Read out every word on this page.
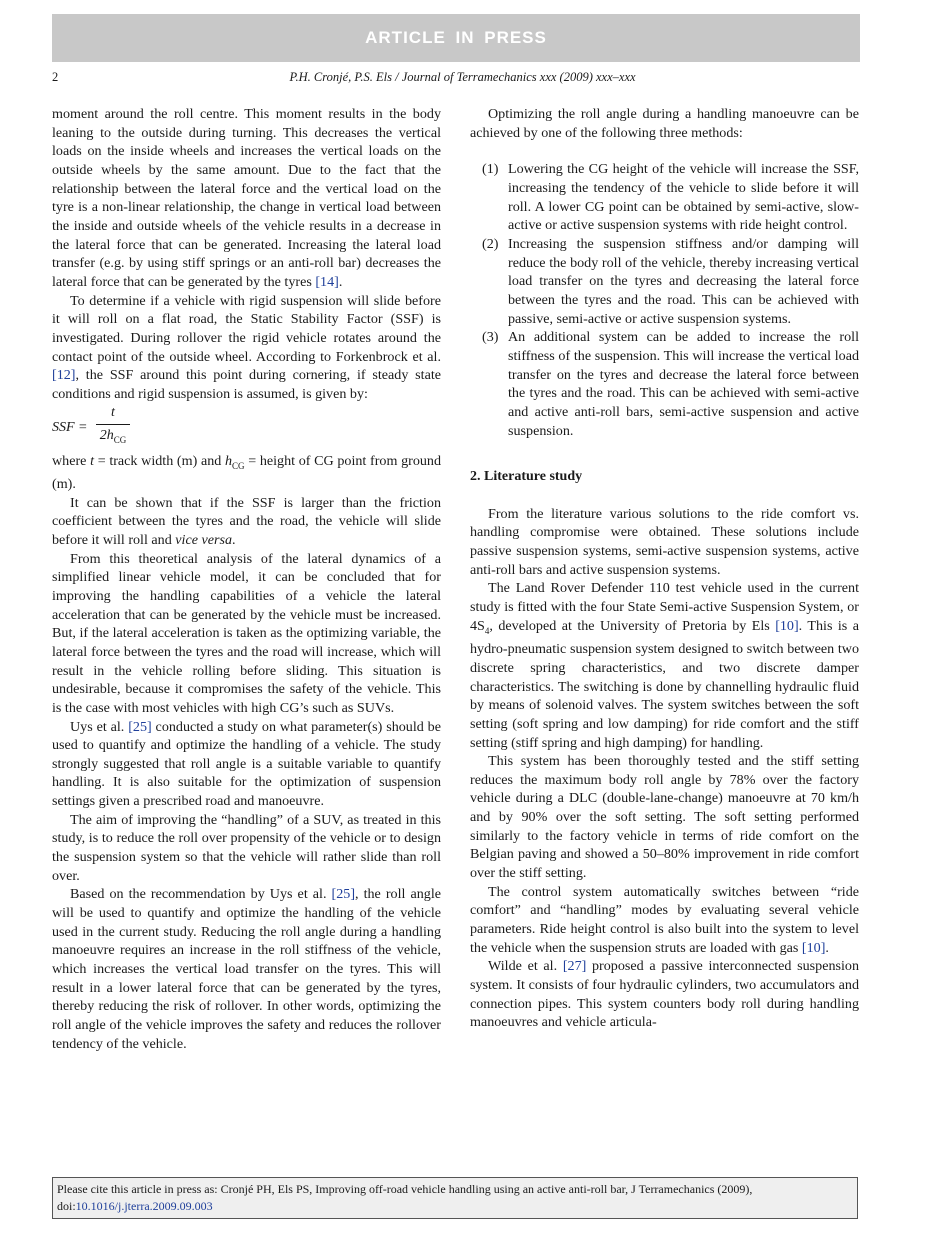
ARTICLE IN PRESS
2	P.H. Cronjé, P.S. Els / Journal of Terramechanics xxx (2009) xxx–xxx

moment around the roll centre. This moment results in the body leaning to the outside during turning. This decreases the vertical loads on the inside wheels and increases the vertical loads on the outside wheels by the same amount. Due to the fact that the relationship between the lateral force and the vertical load on the tyre is a non-linear relationship, the change in vertical load between the inside and outside wheels of the vehicle results in a decrease in the lateral force that can be generated. Increasing the lateral load transfer (e.g. by using stiff springs or an anti-roll bar) decreases the lateral force that can be generated by the tyres [14].

To determine if a vehicle with rigid suspension will slide before it will roll on a flat road, the Static Stability Factor (SSF) is investigated. During rollover the rigid vehicle rotates around the contact point of the outside wheel. According to Forkenbrock et al. [12], the SSF around this point during cornering, if steady state conditions and rigid suspension is assumed, is given by:

SSF =
t
$2h_{CG}$

where t = track width (m) and $h_{CG}$ = height of CG point from ground (m).

It can be shown that if the SSF is larger than the friction coefficient between the tyres and the road, the vehicle will slide before it will roll and vice versa.

From this theoretical analysis of the lateral dynamics of a simplified linear vehicle model, it can be concluded that for improving the handling capabilities of a vehicle the lateral acceleration that can be generated by the vehicle must be increased. But, if the lateral acceleration is taken as the optimizing variable, the lateral force between the tyres and the road will increase, which will result in the vehicle rolling before sliding. This situation is undesirable, because it compromises the safety of the vehicle. This is the case with most vehicles with high CG’s such as SUVs.

Uys et al. [25] conducted a study on what parameter(s) should be used to quantify and optimize the handling of a vehicle. The study strongly suggested that roll angle is a suitable variable to quantify handling. It is also suitable for the optimization of suspension settings given a prescribed road and manoeuvre.

The aim of improving the “handling” of a SUV, as treated in this study, is to reduce the roll over propensity of the vehicle or to design the suspension system so that the vehicle will rather slide than roll over.

Based on the recommendation by Uys et al. [25], the roll angle will be used to quantify and optimize the handling of the vehicle used in the current study. Reducing the roll angle during a handling manoeuvre requires an increase in the roll stiffness of the vehicle, which increases the vertical load transfer on the tyres. This will result in a lower lateral force that can be generated by the tyres, thereby reducing the risk of rollover. In other words, optimizing the roll angle of the vehicle improves the safety and reduces the rollover tendency of the vehicle.

Optimizing the roll angle during a handling manoeuvre can be achieved by one of the following three methods:

(1) Lowering the CG height of the vehicle will increase the SSF, increasing the tendency of the vehicle to slide before it will roll. A lower CG point can be obtained by semi-active, slow-active or active suspension systems with ride height control.
(2) Increasing the suspension stiffness and/or damping will reduce the body roll of the vehicle, thereby increasing vertical load transfer on the tyres and decreasing the lateral force between the tyres and the road. This can be achieved with passive, semi-active or active suspension systems.
(3) An additional system can be added to increase the roll stiffness of the suspension. This will increase the vertical load transfer on the tyres and decrease the lateral force between the tyres and the road. This can be achieved with semi-active and active anti-roll bars, semi-active suspension and active suspension.
2. Literature study

From the literature various solutions to the ride comfort vs. handling compromise were obtained. These solutions include passive suspension systems, semi-active suspension systems, active anti-roll bars and active suspension systems.

The Land Rover Defender 110 test vehicle used in the current study is fitted with the four State Semi-active Suspension System, or $4S_4$, developed at the University of Pretoria by Els [10]. This is a hydro-pneumatic suspension system designed to switch between two discrete spring characteristics, and two discrete damper characteristics. The switching is done by channelling hydraulic fluid by means of solenoid valves. The system switches between the soft setting (soft spring and low damping) for ride comfort and the stiff setting (stiff spring and high damping) for handling.

This system has been thoroughly tested and the stiff setting reduces the maximum body roll angle by 78% over the factory vehicle during a DLC (double-lane-change) manoeuvre at 70 km/h and by 90% over the soft setting. The soft setting performed similarly to the factory vehicle in terms of ride comfort on the Belgian paving and showed a 50–80% improvement in ride comfort over the stiff setting.

The control system automatically switches between “ride comfort” and “handling” modes by evaluating several vehicle parameters. Ride height control is also built into the system to level the vehicle when the suspension struts are loaded with gas [10].

Wilde et al. [27] proposed a passive interconnected suspension system. It consists of four hydraulic cylinders, two accumulators and connection pipes. This system counters body roll during handling manoeuvres and vehicle articula-

Please cite this article in press as: Cronjé PH, Els PS, Improving off-road vehicle handling using an active anti-roll bar, J Terramechanics (2009),
doi:10.1016/j.jterra.2009.09.003
